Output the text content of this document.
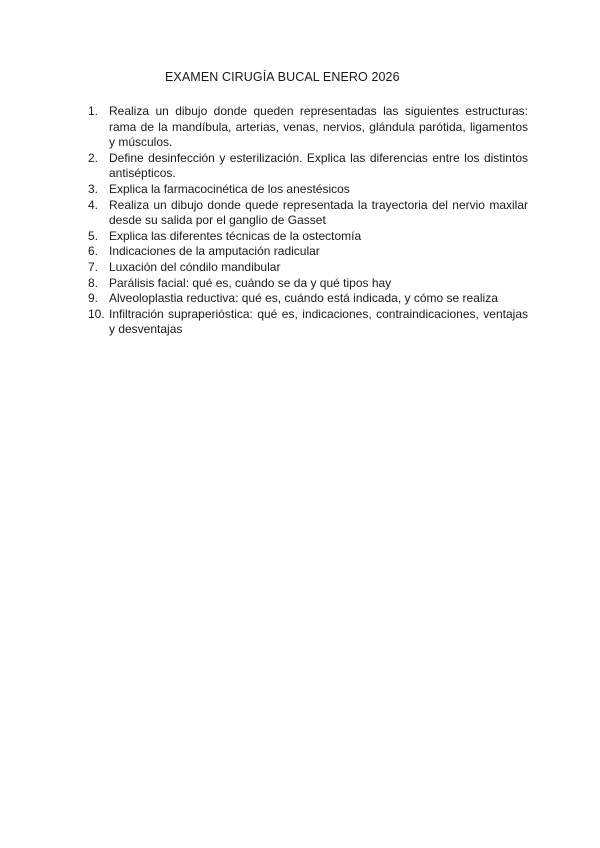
EXAMEN CIRUGÍA BUCAL ENERO 2026
1. Realiza un dibujo donde queden representadas las siguientes estructuras: rama de la mandíbula, arterias, venas, nervios, glándula parótida, ligamentos y músculos.
2. Define desinfección y esterilización. Explica las diferencias entre los distintos antisépticos.
3. Explica la farmacocinética de los anestésicos
4. Realiza un dibujo donde quede representada la trayectoria del nervio maxilar desde su salida por el ganglio de Gasset
5. Explica las diferentes técnicas de la ostectomía
6. Indicaciones de la amputación radicular
7. Luxación del cóndilo mandibular
8. Parálisis facial: qué es, cuándo se da y qué tipos hay
9. Alveoloplastia reductiva: qué es, cuándo está indicada, y cómo se realiza
10. Infiltración supraperióstica: qué es, indicaciones, contraindicaciones, ventajas y desventajas
